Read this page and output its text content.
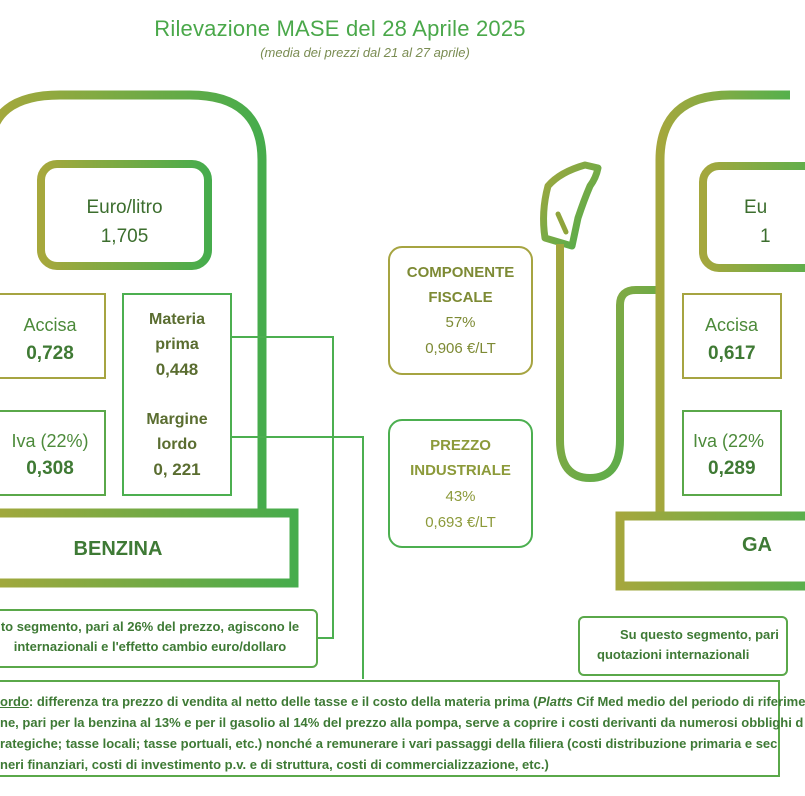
Rilevazione MASE del 28 Aprile 2025
(media dei prezzi dal 21 al 27 aprile)
Euro/litro
1,705
Accisa
0,728
Iva (22%)
0,308
Materia
prima
0,448
Margine
lordo
0, 221
BENZINA
to segmento, pari al 26% del prezzo, agiscono le
internazionali e l'effetto cambio euro/dollaro
COMPONENTE
FISCALE
57%
0,906 €/LT
PREZZO
INDUSTRIALE
43%
0,693 €/LT
Eu
1
Accisa
0,617
Iva (22%
0,289
GA
Su questo segmento, pari
quotazioni internazionali
ordo: differenza tra prezzo di vendita al netto delle tasse e il costo della materia prima (Platts Cif Med medio del periodo di riferime
ne, pari per la benzina al 13% e per il gasolio al 14% del prezzo alla pompa, serve a coprire i costi derivanti da numerosi obblighi d
rategiche; tasse locali; tasse portuali, etc.) nonché a remunerare i vari passaggi della filiera (costi distribuzione primaria e sec
neri finanziari, costi di investimento p.v. e di struttura, costi di commercializzazione, etc.)
